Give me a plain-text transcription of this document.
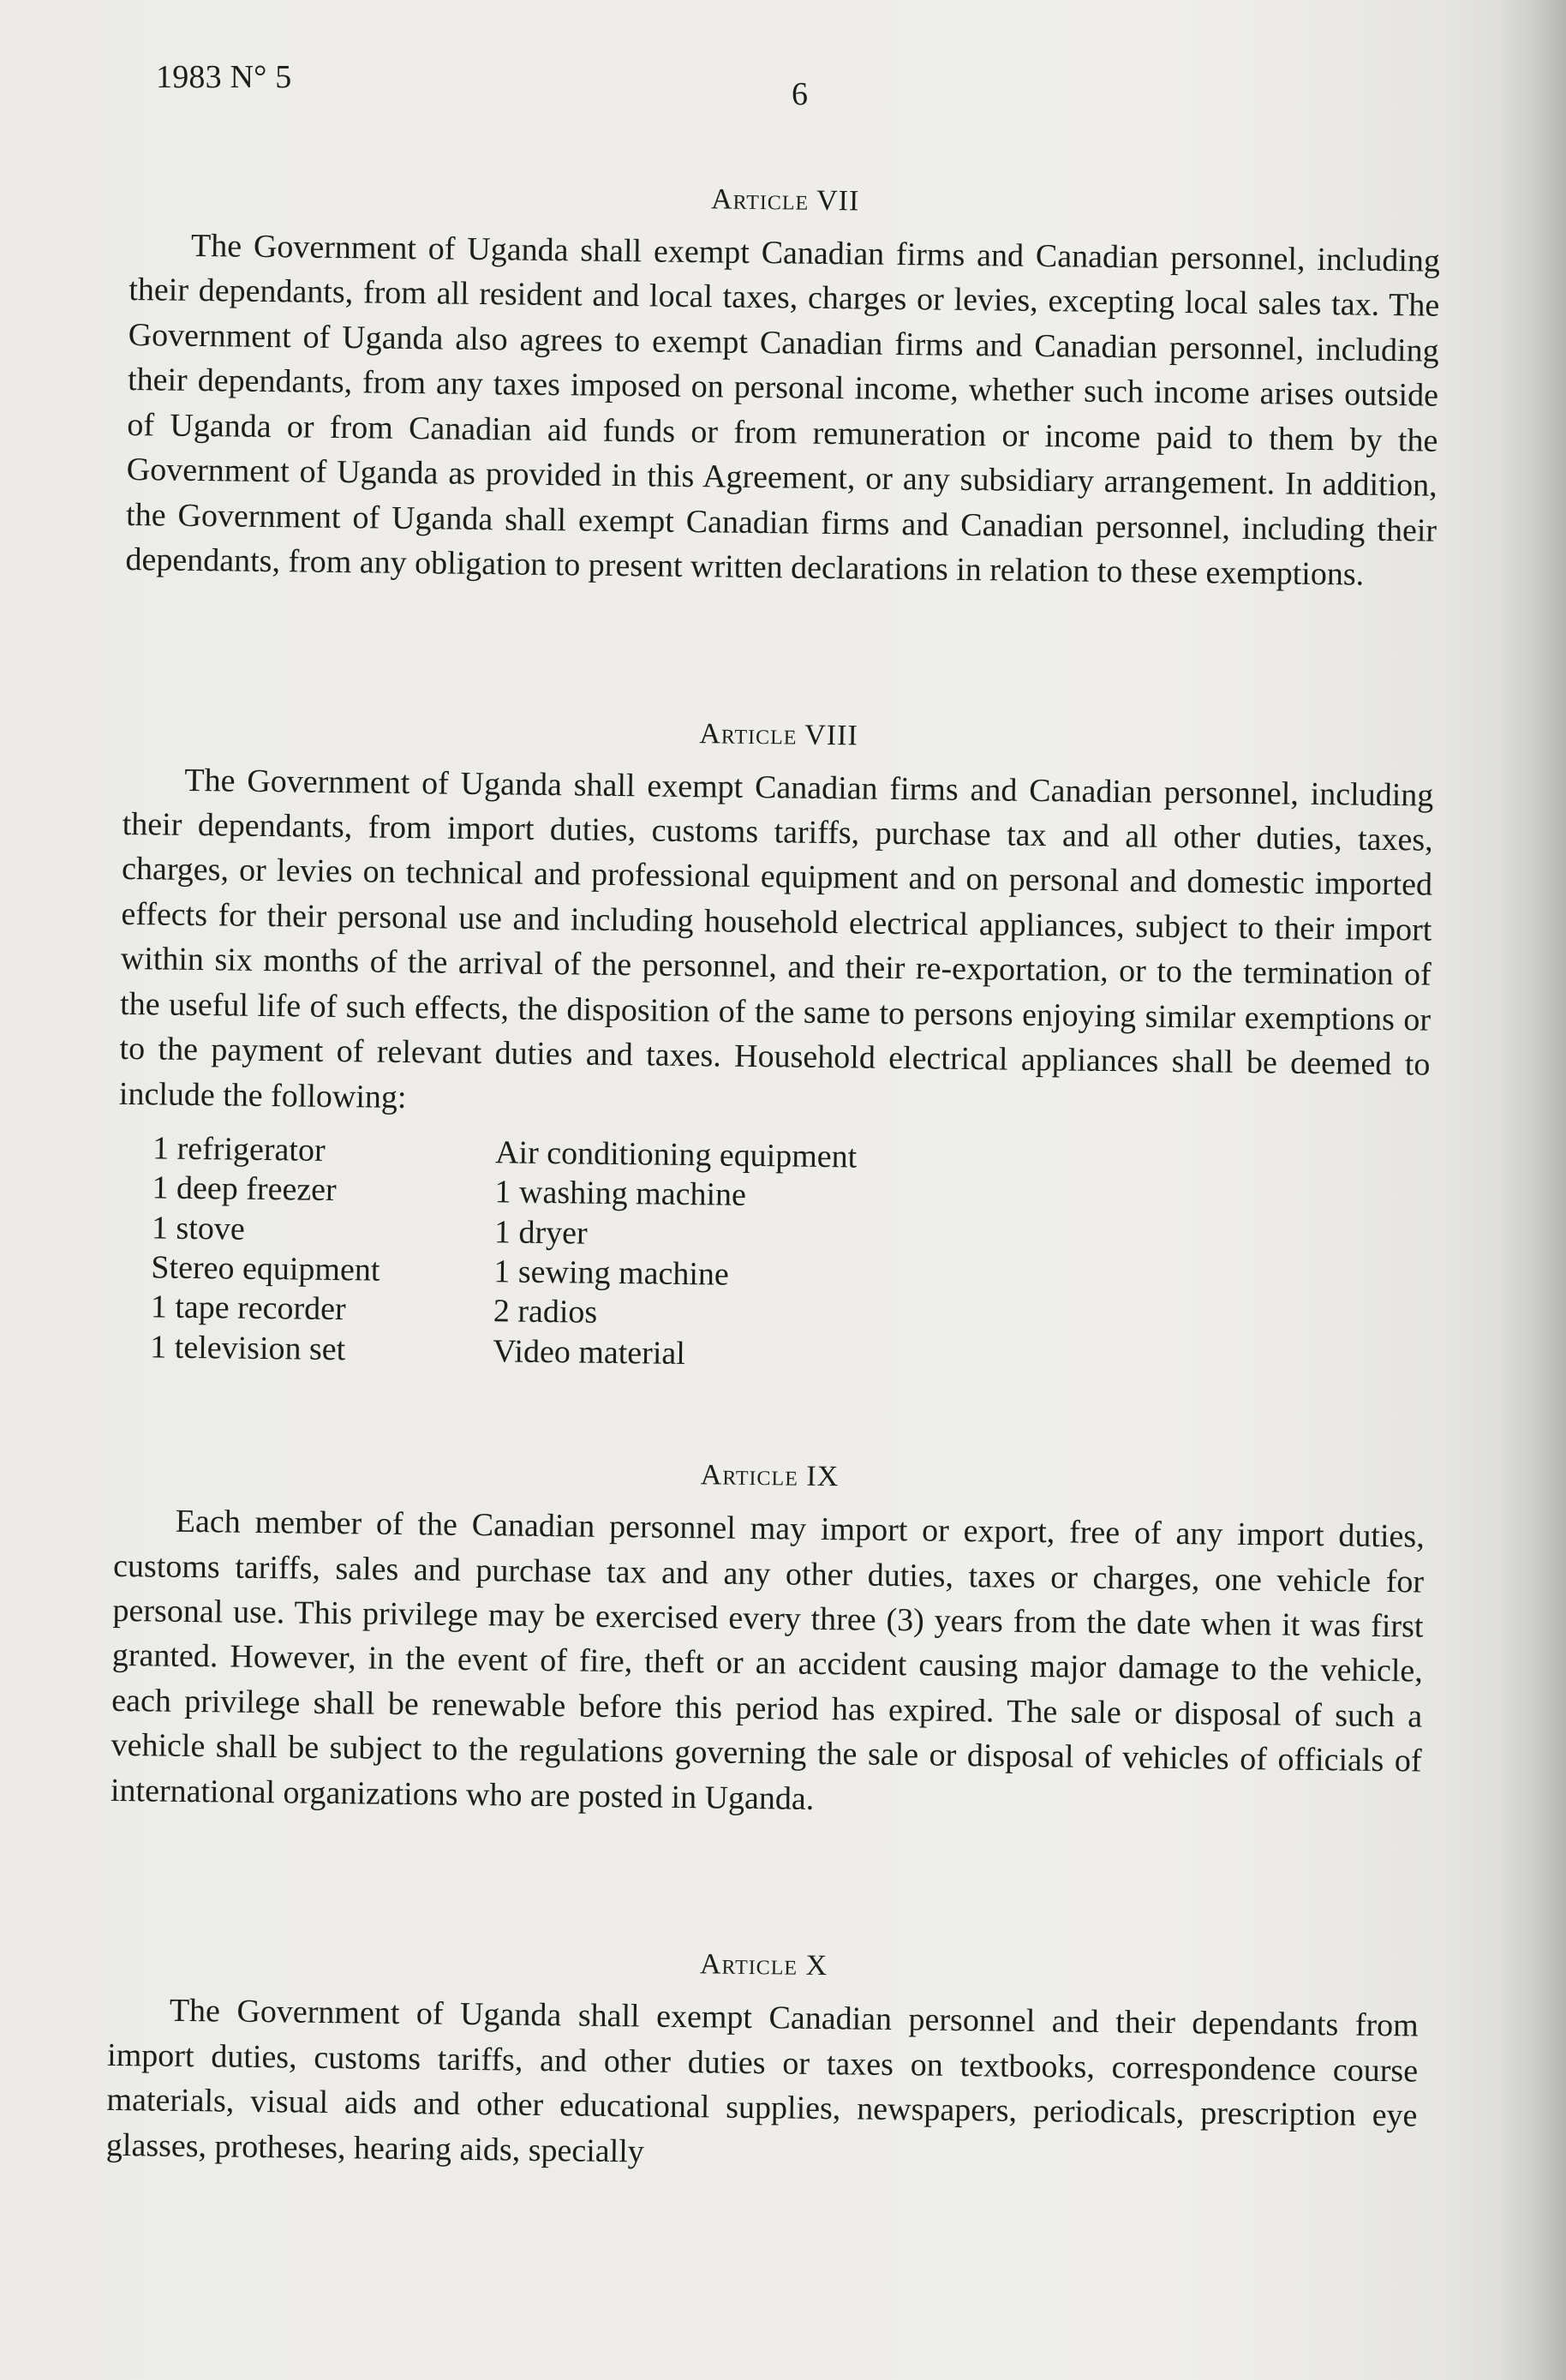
1983 N° 5	6
Article VII

The Government of Uganda shall exempt Canadian firms and Canadian personnel, including their dependants, from all resident and local taxes, charges or levies, excepting local sales tax. The Government of Uganda also agrees to exempt Canadian firms and Canadian personnel, including their dependants, from any taxes imposed on personal income, whether such income arises outside of Uganda or from Canadian aid funds or from remuneration or income paid to them by the Government of Uganda as provided in this Agreement, or any subsidiary arrangement. In addition, the Government of Uganda shall exempt Canadian firms and Canadian personnel, including their dependants, from any obligation to present written declarations in relation to these exemptions.

Article VIII

The Government of Uganda shall exempt Canadian firms and Canadian personnel, including their dependants, from import duties, customs tariffs, purchase tax and all other duties, taxes, charges, or levies on technical and professional equipment and on personal and domestic imported effects for their personal use and including household electrical appliances, subject to their import within six months of the arrival of the personnel, and their re-exportation, or to the termination of the useful life of such effects, the disposition of the same to persons enjoying similar exemptions or to the payment of relevant duties and taxes. Household electrical appliances shall be deemed to include the following:

1 refrigerator
1 deep freezer
1 stove
Stereo equipment
1 tape recorder
1 television set
Air conditioning equipment
1 washing machine
1 dryer
1 sewing machine
2 radios
Video material
Article IX

Each member of the Canadian personnel may import or export, free of any import duties, customs tariffs, sales and purchase tax and any other duties, taxes or charges, one vehicle for personal use. This privilege may be exercised every three (3) years from the date when it was first granted. However, in the event of fire, theft or an accident causing major damage to the vehicle, each privilege shall be renewable before this period has expired. The sale or disposal of such a vehicle shall be subject to the regulations governing the sale or disposal of vehicles of officials of international organizations who are posted in Uganda.

Article X

The Government of Uganda shall exempt Canadian personnel and their dependants from import duties, customs tariffs, and other duties or taxes on textbooks, correspondence course materials, visual aids and other educational supplies, newspapers, periodicals, prescription eye glasses, protheses, hearing aids, specially
